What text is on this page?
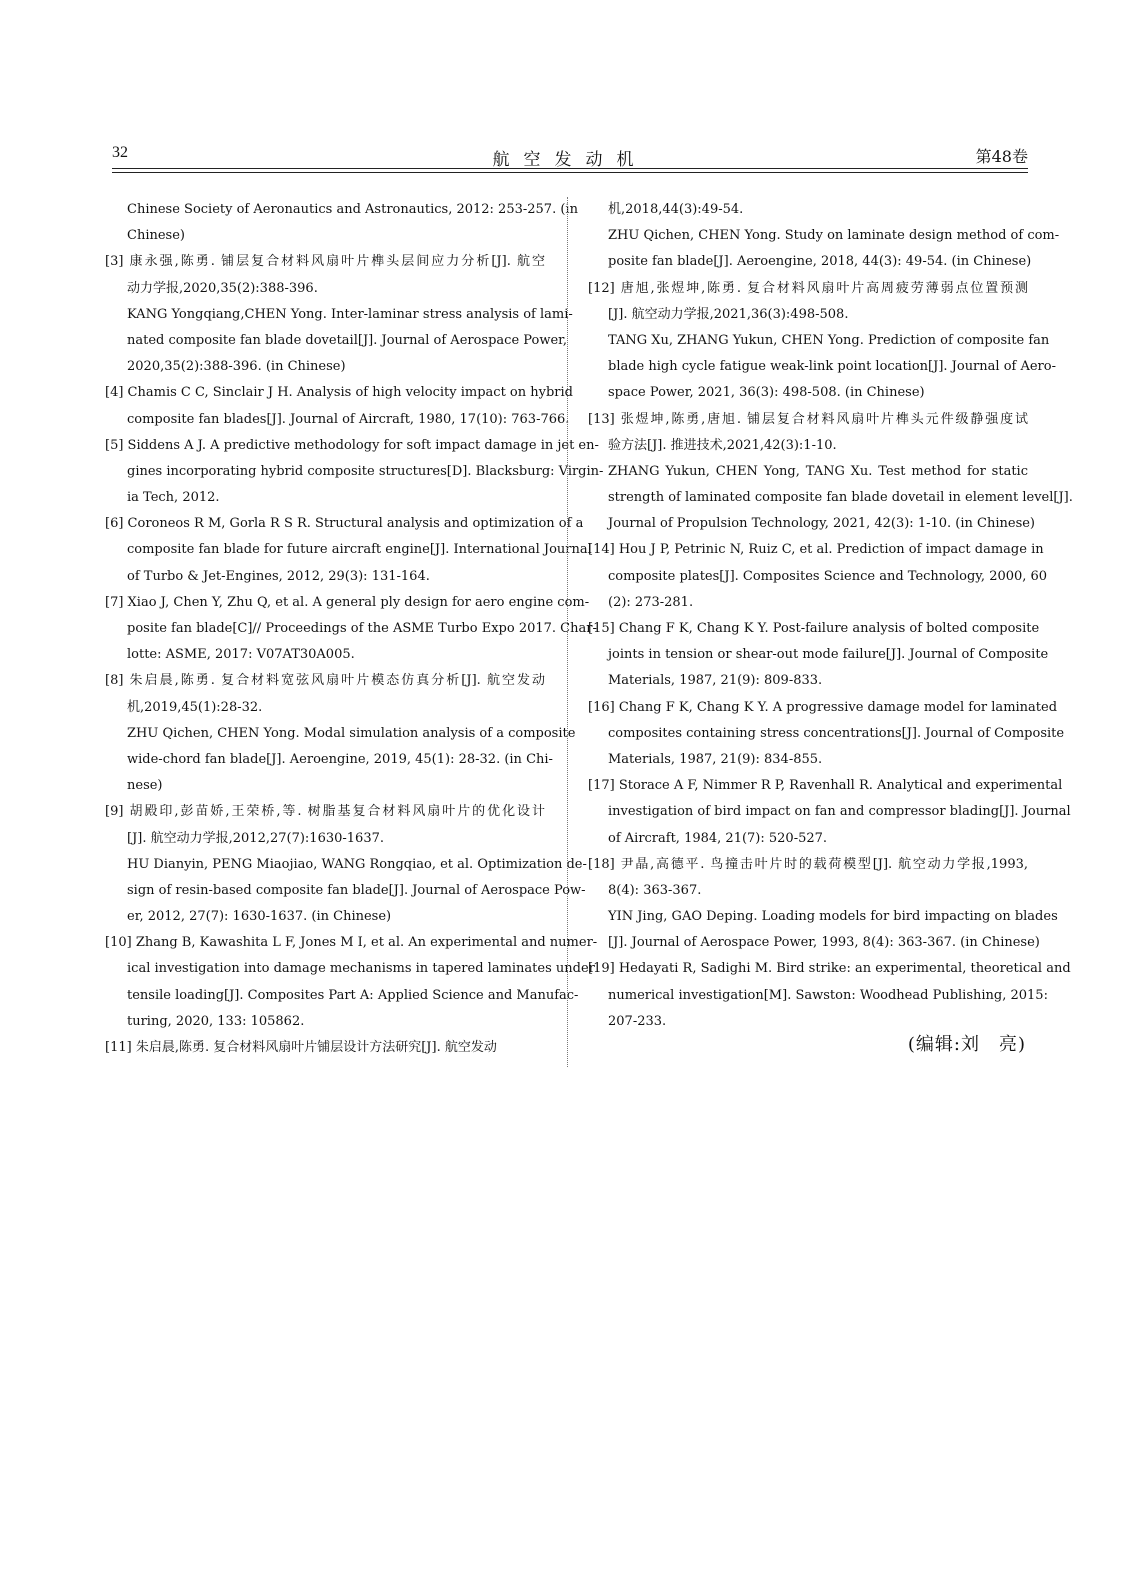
32	航空发动机	第48卷
Chinese Society of Aeronautics and Astronautics, 2012: 253-257. (in
Chinese)
[3] 康永强,陈勇. 铺层复合材料风扇叶片榫头层间应力分析[J]. 航空
动力学报,2020,35(2):388-396.
KANG Yongqiang,CHEN Yong. Inter-laminar stress analysis of lami-
nated composite fan blade dovetail[J]. Journal of Aerospace Power,
2020,35(2):388-396. (in Chinese)
[4] Chamis C C, Sinclair J H. Analysis of high velocity impact on hybrid
composite fan blades[J]. Journal of Aircraft, 1980, 17(10): 763-766.
[5] Siddens A J. A predictive methodology for soft impact damage in jet en-
gines incorporating hybrid composite structures[D]. Blacksburg: Virgin-
ia Tech, 2012.
[6] Coroneos R M, Gorla R S R. Structural analysis and optimization of a
composite fan blade for future aircraft engine[J]. International Journal
of Turbo & Jet-Engines, 2012, 29(3): 131-164.
[7] Xiao J, Chen Y, Zhu Q, et al. A general ply design for aero engine com-
posite fan blade[C]// Proceedings of the ASME Turbo Expo 2017. Char-
lotte: ASME, 2017: V07AT30A005.
[8] 朱启晨,陈勇. 复合材料宽弦风扇叶片模态仿真分析[J]. 航空发动
机,2019,45(1):28-32.
ZHU Qichen, CHEN Yong. Modal simulation analysis of a composite
wide-chord fan blade[J]. Aeroengine, 2019, 45(1): 28-32. (in Chi-
nese)
[9] 胡殿印,彭苗娇,王荣桥,等. 树脂基复合材料风扇叶片的优化设计
[J]. 航空动力学报,2012,27(7):1630-1637.
HU Dianyin, PENG Miaojiao, WANG Rongqiao, et al. Optimization de-
sign of resin-based composite fan blade[J]. Journal of Aerospace Pow-
er, 2012, 27(7): 1630-1637. (in Chinese)
[10] Zhang B, Kawashita L F, Jones M I, et al. An experimental and numer-
ical investigation into damage mechanisms in tapered laminates under
tensile loading[J]. Composites Part A: Applied Science and Manufac-
turing, 2020, 133: 105862.
[11] 朱启晨,陈勇. 复合材料风扇叶片铺层设计方法研究[J]. 航空发动
机,2018,44(3):49-54.
ZHU Qichen, CHEN Yong. Study on laminate design method of com-
posite fan blade[J]. Aeroengine, 2018, 44(3): 49-54. (in Chinese)
[12] 唐旭,张煜坤,陈勇. 复合材料风扇叶片高周疲劳薄弱点位置预测
[J]. 航空动力学报,2021,36(3):498-508.
TANG Xu, ZHANG Yukun, CHEN Yong. Prediction of composite fan
blade high cycle fatigue weak-link point location[J]. Journal of Aero-
space Power, 2021, 36(3): 498-508. (in Chinese)
[13] 张煜坤,陈勇,唐旭. 铺层复合材料风扇叶片榫头元件级静强度试
验方法[J]. 推进技术,2021,42(3):1-10.
ZHANG Yukun, CHEN Yong, TANG Xu. Test method for static
strength of laminated composite fan blade dovetail in element level[J].
Journal of Propulsion Technology, 2021, 42(3): 1-10. (in Chinese)
[14] Hou J P, Petrinic N, Ruiz C, et al. Prediction of impact damage in
composite plates[J]. Composites Science and Technology, 2000, 60
(2): 273-281.
[15] Chang F K, Chang K Y. Post-failure analysis of bolted composite
joints in tension or shear-out mode failure[J]. Journal of Composite
Materials, 1987, 21(9): 809-833.
[16] Chang F K, Chang K Y. A progressive damage model for laminated
composites containing stress concentrations[J]. Journal of Composite
Materials, 1987, 21(9): 834-855.
[17] Storace A F, Nimmer R P, Ravenhall R. Analytical and experimental
investigation of bird impact on fan and compressor blading[J]. Journal
of Aircraft, 1984, 21(7): 520-527.
[18] 尹晶,高德平. 鸟撞击叶片时的载荷模型[J]. 航空动力学报,1993,
8(4): 363-367.
YIN Jing, GAO Deping. Loading models for bird impacting on blades
[J]. Journal of Aerospace Power, 1993, 8(4): 363-367. (in Chinese)
[19] Hedayati R, Sadighi M. Bird strike: an experimental, theoretical and
numerical investigation[M]. Sawston: Woodhead Publishing, 2015:
207-233.
(编辑:刘　亮)
